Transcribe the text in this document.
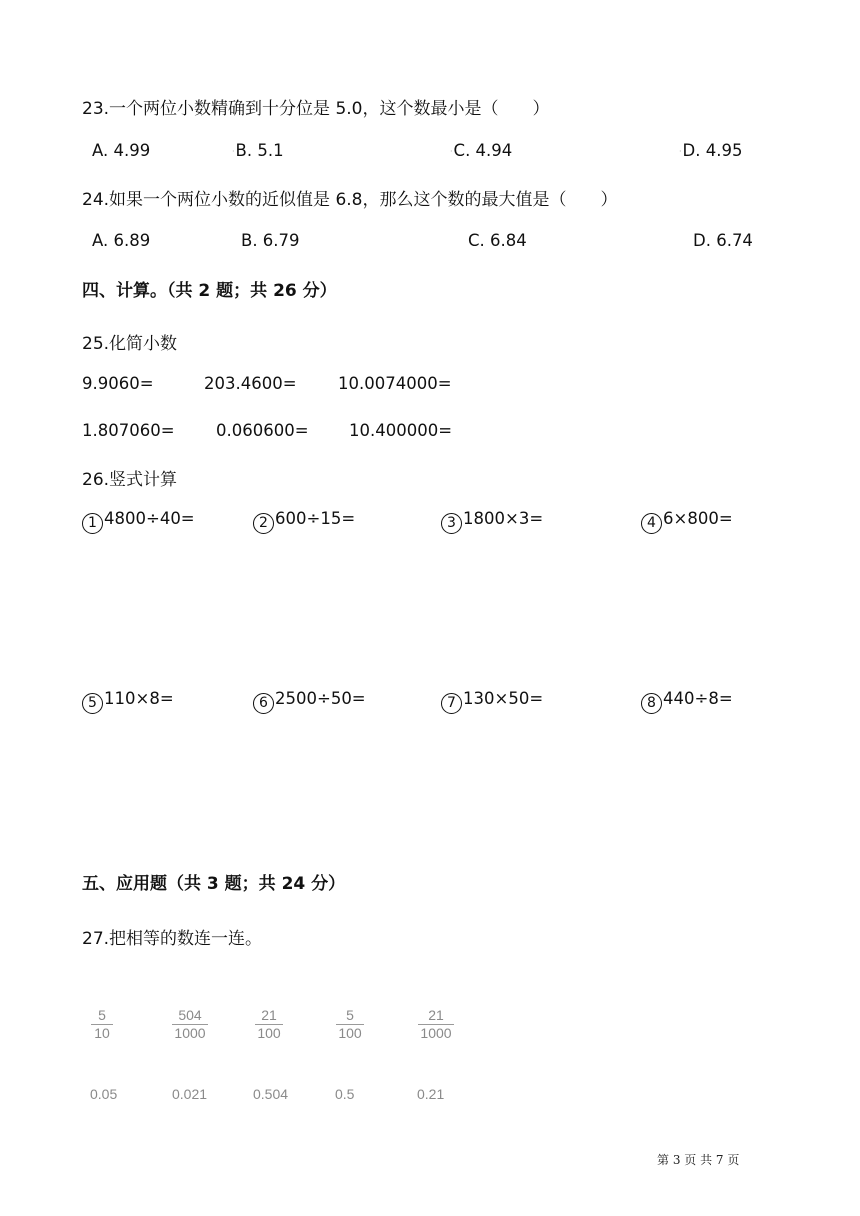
23.一个两位小数精确到十分位是 5.0，这个数最小是（　　）
A. 4.99	·B. 5.1	·C. 4.94	·D. 4.95
24.如果一个两位小数的近似值是 6.8，那么这个数的最大值是（　　）
A. 6.89	B. 6.79	C. 6.84	D. 6.74
四、计算。（共 2 题；共 26 分）
25.化简小数
9.9060=	203.4600=	10.0074000=
1.807060=	0.060600= 10.400000=
26.竖式计算
1 4800÷40=	2 600÷15=	3 1800×3=	4 6×800=
5 110×8=	6 2500÷50=	7 130×50=	8 440÷8=
五、应用题（共 3 题；共 24 分）
27.把相等的数连一连。
5
10
504
1000
21
100
5
100
21
1000
0.05	0.021	0.504	0.5	0.21
第 3 页 共 7 页
